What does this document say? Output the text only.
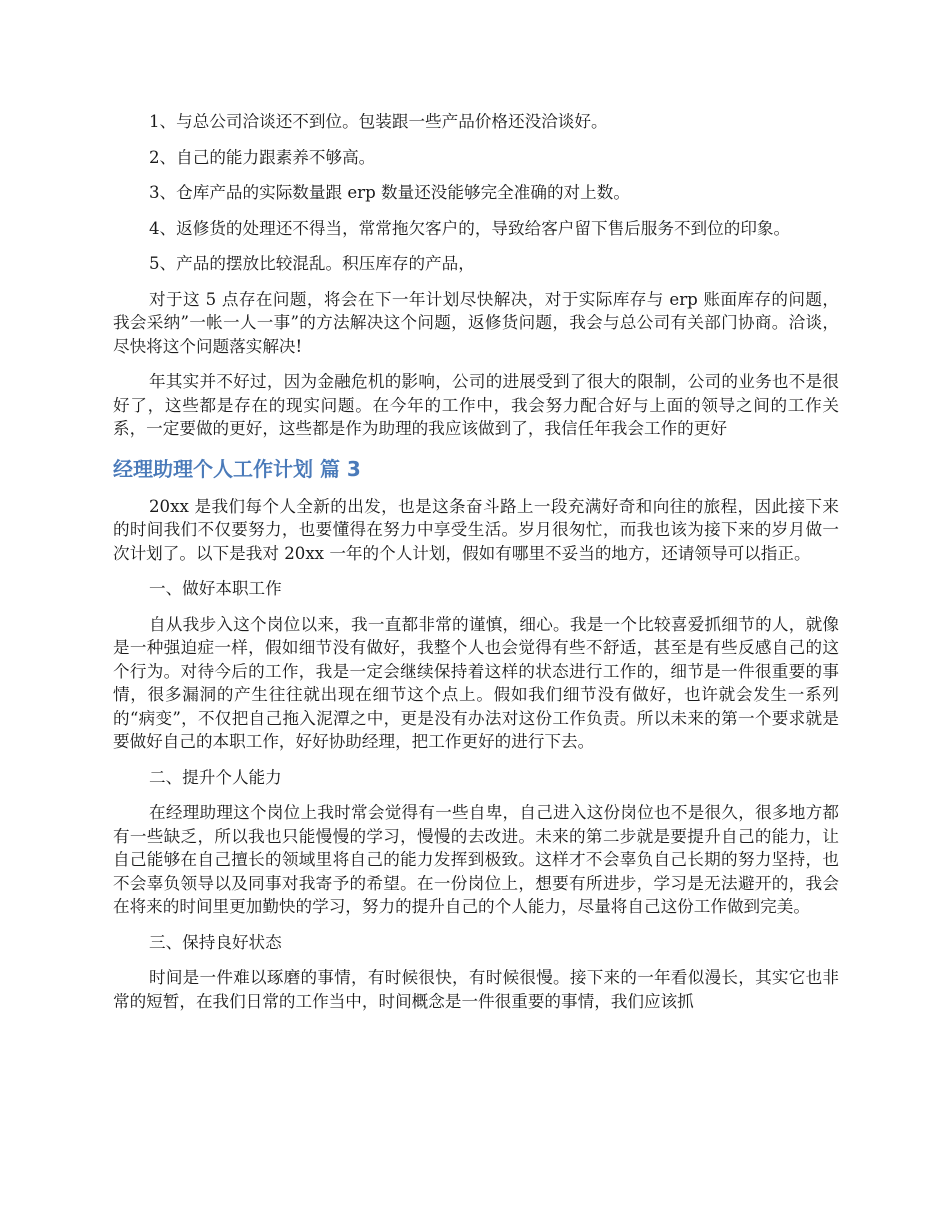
1、与总公司洽谈还不到位。包装跟一些产品价格还没洽谈好。

2、自己的能力跟素养不够高。

3、仓库产品的实际数量跟 erp 数量还没能够完全准确的对上数。

4、返修货的处理还不得当，常常拖欠客户的，导致给客户留下售后服务不到位的印象。

5、产品的摆放比较混乱。积压库存的产品，

对于这 5 点存在问题，将会在下一年计划尽快解决，对于实际库存与 erp 账面库存的问题，我会采纳”一帐一人一事”的方法解决这个问题，返修货问题，我会与总公司有关部门协商。洽谈，尽快将这个问题落实解决!

年其实并不好过，因为金融危机的影响，公司的进展受到了很大的限制，公司的业务也不是很好了，这些都是存在的现实问题。在今年的工作中，我会努力配合好与上面的领导之间的工作关系，一定要做的更好，这些都是作为助理的我应该做到了，我信任年我会工作的更好

经理助理个人工作计划 篇 3

20xx 是我们每个人全新的出发，也是这条奋斗路上一段充满好奇和向往的旅程，因此接下来的时间我们不仅要努力，也要懂得在努力中享受生活。岁月很匆忙，而我也该为接下来的岁月做一次计划了。以下是我对 20xx 一年的个人计划，假如有哪里不妥当的地方，还请领导可以指正。

一、做好本职工作

自从我步入这个岗位以来，我一直都非常的谨慎，细心。我是一个比较喜爱抓细节的人，就像是一种强迫症一样，假如细节没有做好，我整个人也会觉得有些不舒适，甚至是有些反感自己的这个行为。对待今后的工作，我是一定会继续保持着这样的状态进行工作的，细节是一件很重要的事情，很多漏洞的产生往往就出现在细节这个点上。假如我们细节没有做好，也许就会发生一系列的“病变”，不仅把自己拖入泥潭之中，更是没有办法对这份工作负责。所以未来的第一个要求就是要做好自己的本职工作，好好协助经理，把工作更好的进行下去。

二、提升个人能力

在经理助理这个岗位上我时常会觉得有一些自卑，自己进入这份岗位也不是很久，很多地方都有一些缺乏，所以我也只能慢慢的学习，慢慢的去改进。未来的第二步就是要提升自己的能力，让自己能够在自己擅长的领域里将自己的能力发挥到极致。这样才不会辜负自己长期的努力坚持，也不会辜负领导以及同事对我寄予的希望。在一份岗位上，想要有所进步，学习是无法避开的，我会在将来的时间里更加勤快的学习，努力的提升自己的个人能力，尽量将自己这份工作做到完美。

三、保持良好状态

时间是一件难以琢磨的事情，有时候很快，有时候很慢。接下来的一年看似漫长，其实它也非常的短暂，在我们日常的工作当中，时间概念是一件很重要的事情，我们应该抓
